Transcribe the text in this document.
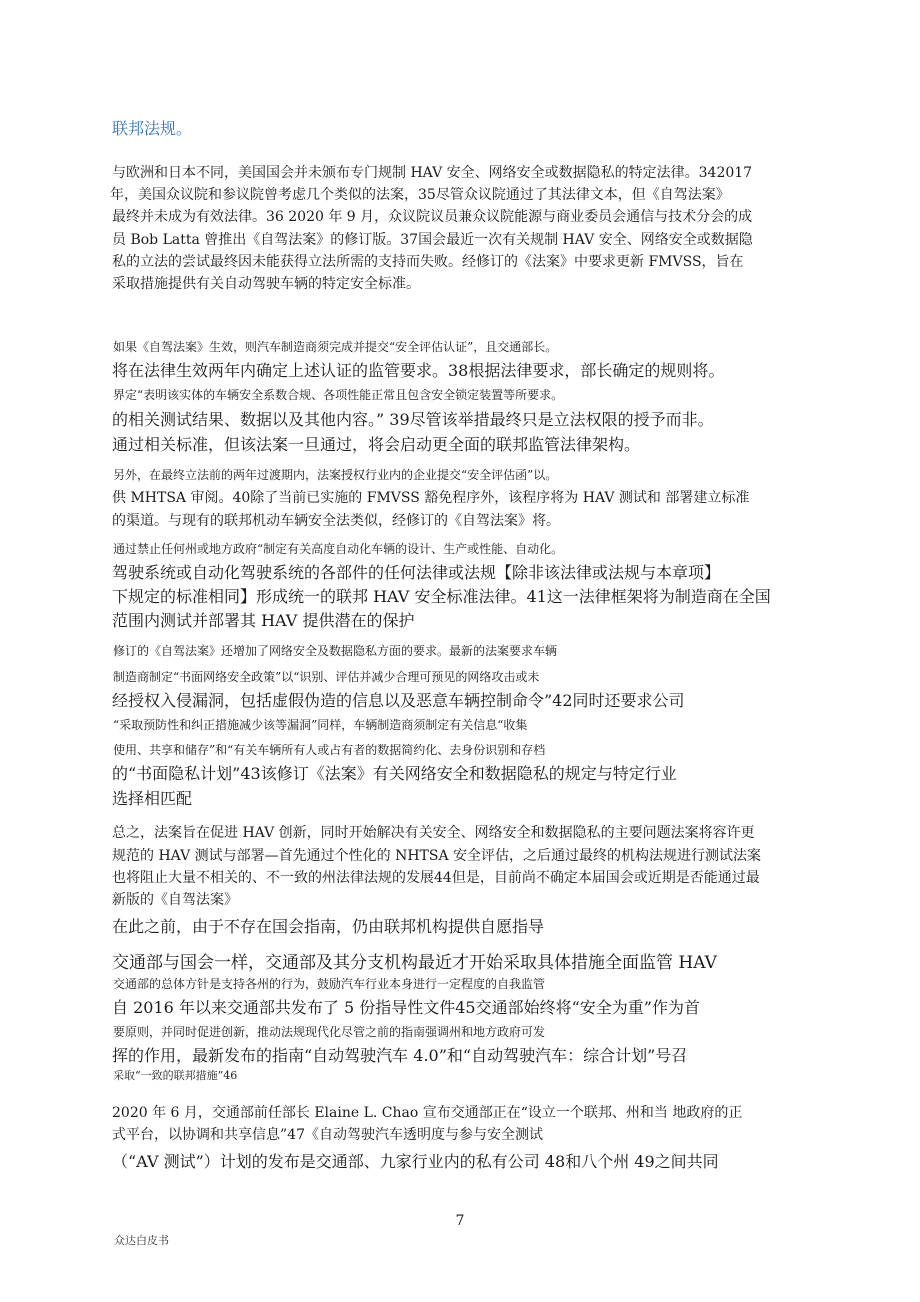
联邦法规。

与欧洲和日本不同，美国国会并未颁布专门规制 HAV 安全、网络安全或数据隐私的特定法律。342017

年，美国众议院和参议院曾考虑几个类似的法案，35尽管众议院通过了其法律文本，但《自驾法案》

最终并未成为有效法律。36 2020 年 9 月，众议院议员兼众议院能源与商业委员会通信与技术分会的成

员 Bob Latta 曾推出《自驾法案》的修订版。37国会最近一次有关规制 HAV 安全、网络安全或数据隐

私的立法的尝试最终因未能获得立法所需的支持而失败。经修订的《法案》中要求更新 FMVSS，旨在

采取措施提供有关自动驾驶车辆的特定安全标准。

如果《自驾法案》生效，则汽车制造商须完成并提交“安全评估认证”，且交通部长。

将在法律生效两年内确定上述认证的监管要求。38根据法律要求，部长确定的规则将。

界定“表明该实体的车辆安全系数合规、各项性能正常且包含安全锁定装置等所要求。

的相关测试结果、数据以及其他内容。” 39尽管该举措最终只是立法权限的授予而非。

通过相关标准，但该法案一旦通过，将会启动更全面的联邦监管法律架构。

另外，在最终立法前的两年过渡期内，法案授权行业内的企业提交“安全评估函”以。

供 MHTSA 审阅。40除了当前已实施的 FMVSS 豁免程序外，该程序将为 HAV 测试和 部署建立标准

的渠道。与现有的联邦机动车辆安全法类似，经修订的《自驾法案》将。

通过禁止任何州或地方政府“制定有关高度自动化车辆的设计、生产或性能、自动化。

驾驶系统或自动化驾驶系统的各部件的任何法律或法规【除非该法律或法规与本章项】

下规定的标准相同】形成统一的联邦 HAV 安全标准法律。41这一法律框架将为制造商在全国

范围内测试并部署其 HAV 提供潜在的保护

修订的《自驾法案》还增加了网络安全及数据隐私方面的要求。最新的法案要求车辆

制造商制定“书面网络安全政策”以“识别、评估并减少合理可预见的网络攻击或未

经授权入侵漏洞，包括虚假伪造的信息以及恶意车辆控制命令”42同时还要求公司

“采取预防性和纠正措施减少该等漏洞”同样，车辆制造商须制定有关信息“收集

使用、共享和储存”和“有关车辆所有人或占有者的数据简约化、去身份识别和存档

的“书面隐私计划”43该修订《法案》有关网络安全和数据隐私的规定与特定行业

选择相匹配

总之，法案旨在促进 HAV 创新，同时开始解决有关安全、网络安全和数据隐私的主要问题法案将容许更

规范的 HAV 测试与部署—首先通过个性化的 NHTSA 安全评估，之后通过最终的机构法规进行测试法案

也将阻止大量不相关的、不一致的州法律法规的发展44但是，目前尚不确定本届国会或近期是否能通过最

新版的《自驾法案》

在此之前，由于不存在国会指南，仍由联邦机构提供自愿指导

交通部与国会一样，交通部及其分支机构最近才开始采取具体措施全面监管 HAV

交通部的总体方针是支持各州的行为，鼓励汽车行业本身进行一定程度的自我监管

自 2016 年以来交通部共发布了 5 份指导性文件45交通部始终将“安全为重”作为首

要原则，并同时促进创新，推动法规现代化尽管之前的指南强调州和地方政府可发

挥的作用，最新发布的指南“自动驾驶汽车 4.0”和“自动驾驶汽车：综合计划”号召

采取“一致的联邦措施”46

2020 年 6 月，交通部前任部长 Elaine L. Chao 宣布交通部正在“设立一个联邦、州和当 地政府的正

式平台，以协调和共享信息”47《自动驾驶汽车透明度与参与安全测试

（“AV 测试”）计划的发布是交通部、九家行业内的私有公司 48和八个州 49之间共同

7
众达白皮书
